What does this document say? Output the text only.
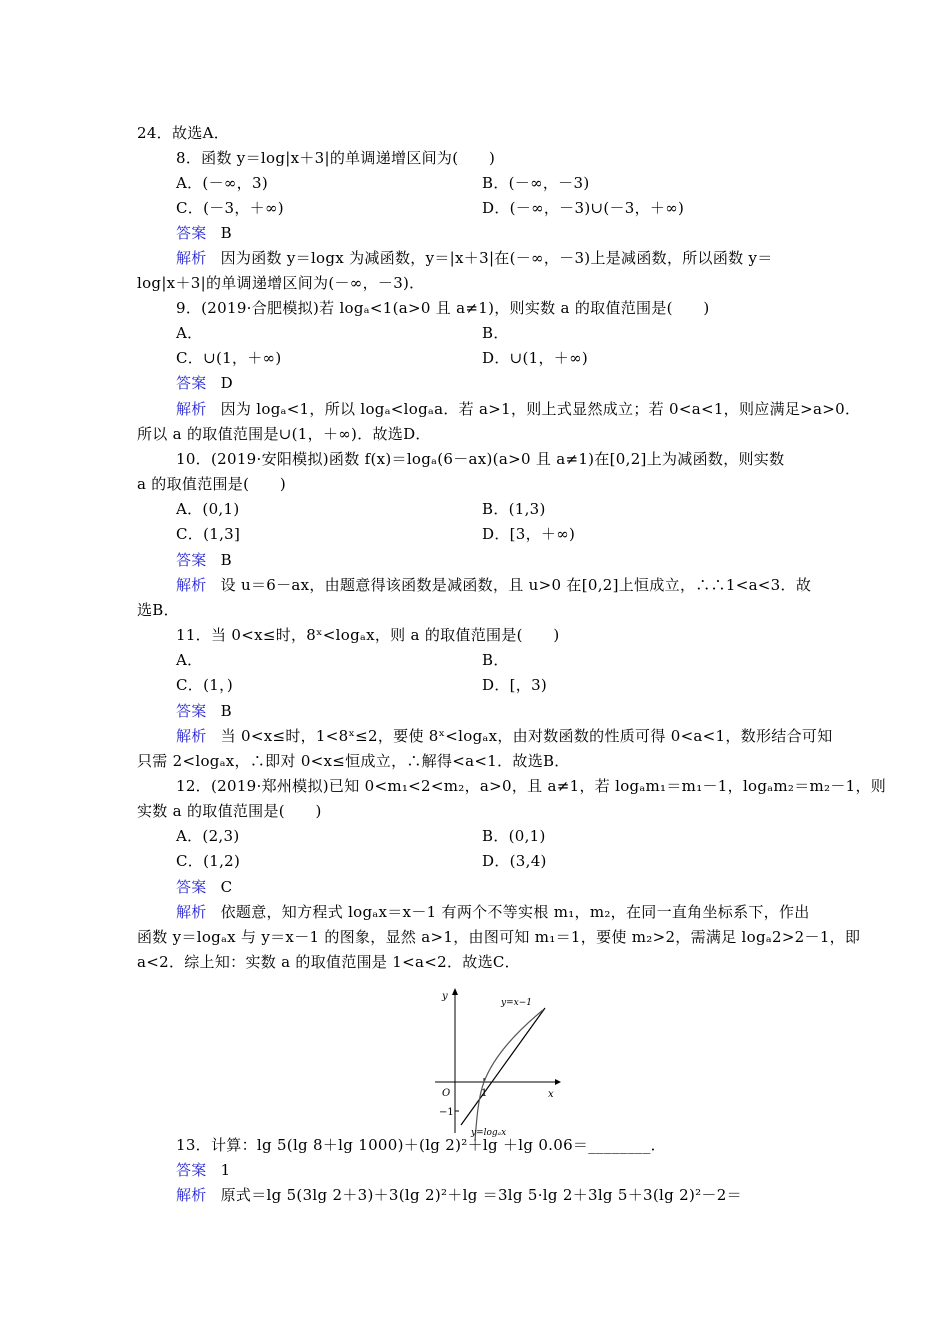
24．故选A．
8．函数 y＝log|x＋3|的单调递增区间为(　　)
A．(－∞，3)	B．(－∞，－3)
C．(－3，＋∞)	D．(－∞，－3)∪(－3，＋∞)
答案 B
解析 因为函数 y＝logx 为减函数，y＝|x＋3|在(－∞，－3)上是减函数，所以函数 y＝
log|x＋3|的单调递增区间为(－∞，－3)．
9．(2019·合肥模拟)若 logₐ<1(a>0 且 a≠1)，则实数 a 的取值范围是(　　)
A．	B．
C．∪(1，＋∞)	D．∪(1，＋∞)
答案 D
解析 因为 logₐ<1，所以 logₐ<logₐa．若 a>1，则上式显然成立；若 0<a<1，则应满足>a>0．
所以 a 的取值范围是∪(1，＋∞)．故选D．
10．(2019·安阳模拟)函数 f(x)＝logₐ(6－ax)(a>0 且 a≠1)在[0,2]上为减函数，则实数
a 的取值范围是(　　)
A．(0,1)	B．(1,3)
C．(1,3]	D．[3，＋∞)
答案 B
解析 设 u＝6－ax，由题意得该函数是减函数，且 u>0 在[0,2]上恒成立，∴∴1<a<3．故
选B．
11．当 0<x≤时，8ˣ<logₐx，则 a 的取值范围是(　　)
A．	B．
C．(1，)	D．[，3)
答案 B
解析 当 0<x≤时，1<8ˣ≤2，要使 8ˣ<logₐx，由对数函数的性质可得 0<a<1，数形结合可知
只需 2<logₐx，∴即对 0<x≤恒成立，∴解得<a<1．故选B．
12．(2019·郑州模拟)已知 0<m₁<2<m₂，a>0，且 a≠1，若 logₐm₁＝m₁－1，logₐm₂＝m₂－1，则
实数 a 的取值范围是(　　)
A．(2,3)	B．(0,1)
C．(1,2)	D．(3,4)
答案 C
解析 依题意，知方程式 logₐx＝x－1 有两个不等实根 m₁，m₂，在同一直角坐标系下，作出
函数 y＝logₐx 与 y＝x－1 的图象，显然 a>1，由图可知 m₁＝1，要使 m₂>2，需满足 logₐ2>2－1，即
a<2．综上知：实数 a 的取值范围是 1<a<2．故选C．
y
x
O	1
−1
y=x−1
y=logₐx
13．计算：lg 5(lg 8＋lg 1000)＋(lg 2)²＋lg ＋lg 0.06＝________．
答案 1
解析 原式＝lg 5(3lg 2＋3)＋3(lg 2)²＋lg ＝3lg 5·lg 2＋3lg 5＋3(lg 2)²－2＝
